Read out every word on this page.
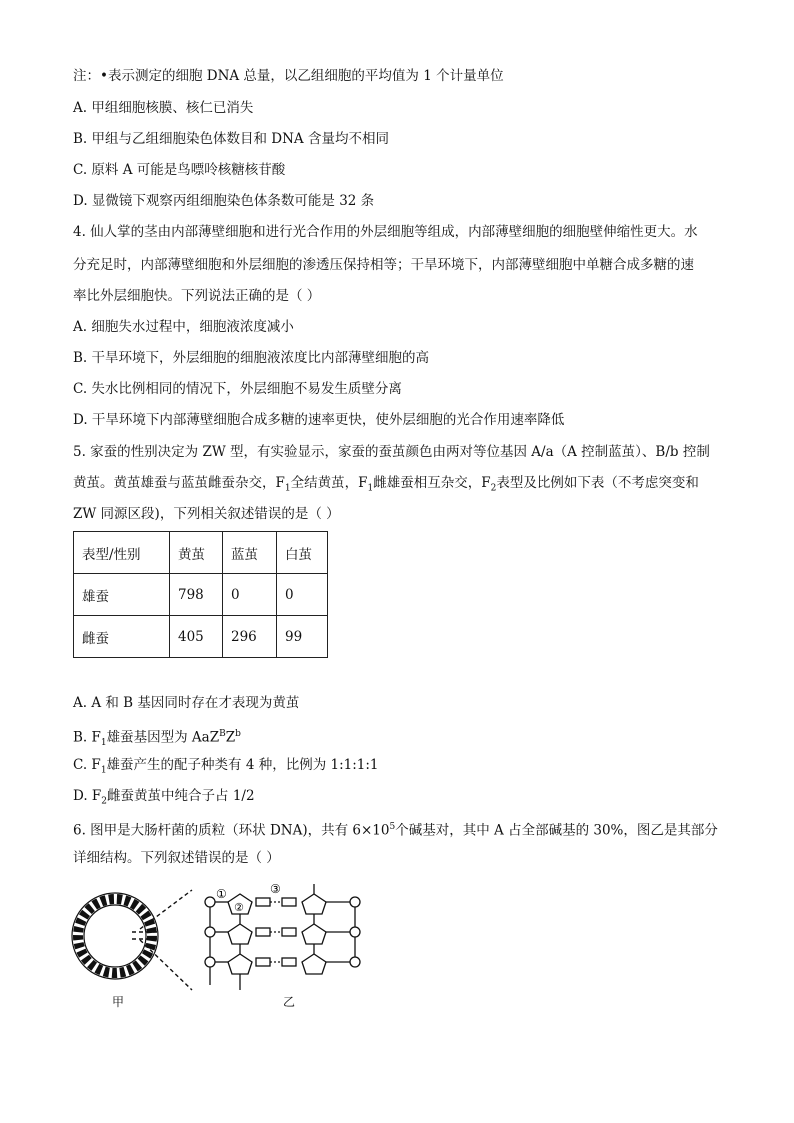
注：•表示测定的细胞 DNA 总量，以乙组细胞的平均值为 1 个计量单位
A. 甲组细胞核膜、核仁已消失
B. 甲组与乙组细胞染色体数目和 DNA 含量均不相同
C. 原料 A 可能是鸟嘌呤核糖核苷酸
D. 显微镜下观察丙组细胞染色体条数可能是 32 条
4. 仙人掌的茎由内部薄壁细胞和进行光合作用的外层细胞等组成，内部薄壁细胞的细胞壁伸缩性更大。水
分充足时，内部薄壁细胞和外层细胞的渗透压保持相等；干旱环境下，内部薄壁细胞中单糖合成多糖的速
率比外层细胞快。下列说法正确的是（ ）
A. 细胞失水过程中，细胞液浓度减小
B. 干旱环境下，外层细胞的细胞液浓度比内部薄壁细胞的高
C. 失水比例相同的情况下，外层细胞不易发生质壁分离
D. 干旱环境下内部薄壁细胞合成多糖的速率更快，使外层细胞的光合作用速率降低
5. 家蚕的性别决定为 ZW 型，有实验显示，家蚕的蚕茧颜色由两对等位基因 A/a（A 控制蓝茧）、B/b 控制
黄茧。黄茧雄蚕与蓝茧雌蚕杂交，$F_1$全结黄茧，$F_1$雌雄蚕相互杂交，$F_2$表型及比例如下表（不考虑突变和
ZW 同源区段)，下列相关叙述错误的是（ ）
表型/性别	黄茧	蓝茧	白茧
雄蚕	798	0	0
雌蚕	405	296	99
A. A 和 B 基因同时存在才表现为黄茧
B. $F_1$雄蚕基因型为 $AaZ^BZ^b$
C. $F_1$雄蚕产生的配子种类有 4 种，比例为 1:1:1:1
D. $F_2$雌蚕黄茧中纯合子占 1/2
6. 图甲是大肠杆菌的质粒（环状 DNA)，共有 $6\times 10^5$个碱基对，其中 A 占全部碱基的 30%，图乙是其部分
详细结构。下列叙述错误的是（ ）
①
②
③
甲	乙
